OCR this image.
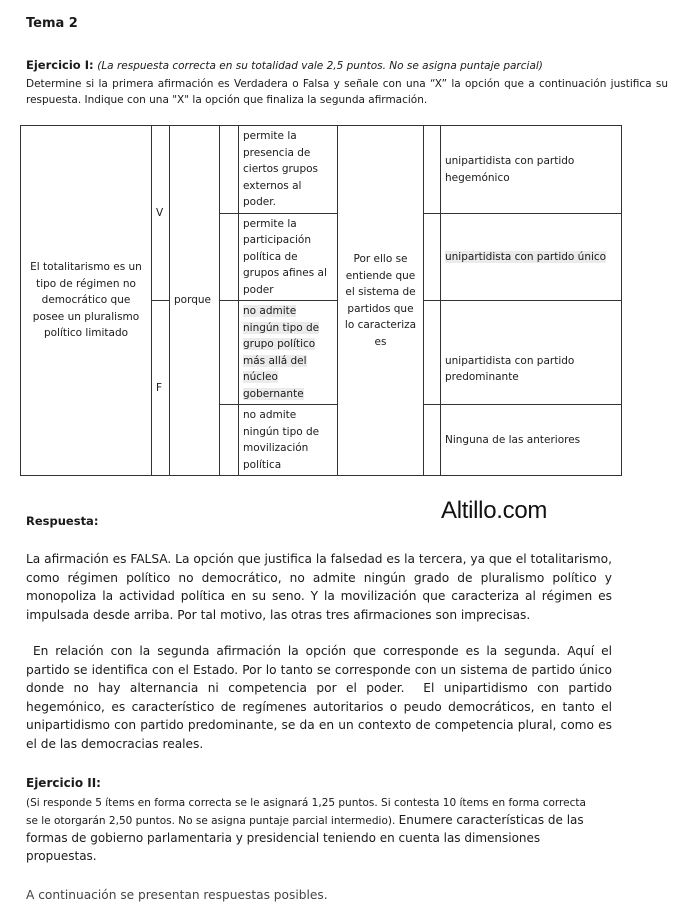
Tema 2
Ejercicio I: (La respuesta correcta en su totalidad vale 2,5 puntos. No se asigna puntaje parcial)
Determine si la primera afirmación es Verdadera o Falsa y señale con una “X” la opción que a continuación justifica su respuesta. Indique con una "X" la opción que finaliza la segunda afirmación.
El totalitarismo es un tipo de régimen no democrático que posee un pluralismo político limitado	V	porque		permite la presencia de ciertos grupos externos al poder.	Por ello se entiende que el sistema de partidos que lo caracteriza es		unipartidista con partido hegemónico
				permite la participación política de grupos afines al poder			unipartidista con partido único
	F			no admite ningún tipo de grupo político más allá del núcleo gobernante			unipartidista con partido predominante
				no admite ningún tipo de movilización política			Ninguna de las anteriores
Altillo.com
Respuesta:
La afirmación es FALSA. La opción que justifica la falsedad es la tercera, ya que el totalitarismo, como régimen político no democrático, no admite ningún grado de pluralismo político y monopoliza la actividad política en su seno. Y la movilización que caracteriza al régimen es impulsada desde arriba. Por tal motivo, las otras tres afirmaciones son imprecisas.
En relación con la segunda afirmación la opción que corresponde es la segunda. Aquí el partido se identifica con el Estado. Por lo tanto se corresponde con un sistema de partido único donde no hay alternancia ni competencia por el poder.  El unipartidismo con partido hegemónico, es característico de regímenes autoritarios o peudo democráticos, en tanto el unipartidismo con partido predominante, se da en un contexto de competencia plural, como es el de las democracias reales.
Ejercicio II:
(Si responde 5 ítems en forma correcta se le asignará 1,25 puntos. Si contesta 10 ítems en forma correcta se le otorgarán 2,50 puntos. No se asigna puntaje parcial intermedio). Enumere características de las formas de gobierno parlamentaria y presidencial teniendo en cuenta las dimensiones propuestas.
A continuación se presentan respuestas posibles.
